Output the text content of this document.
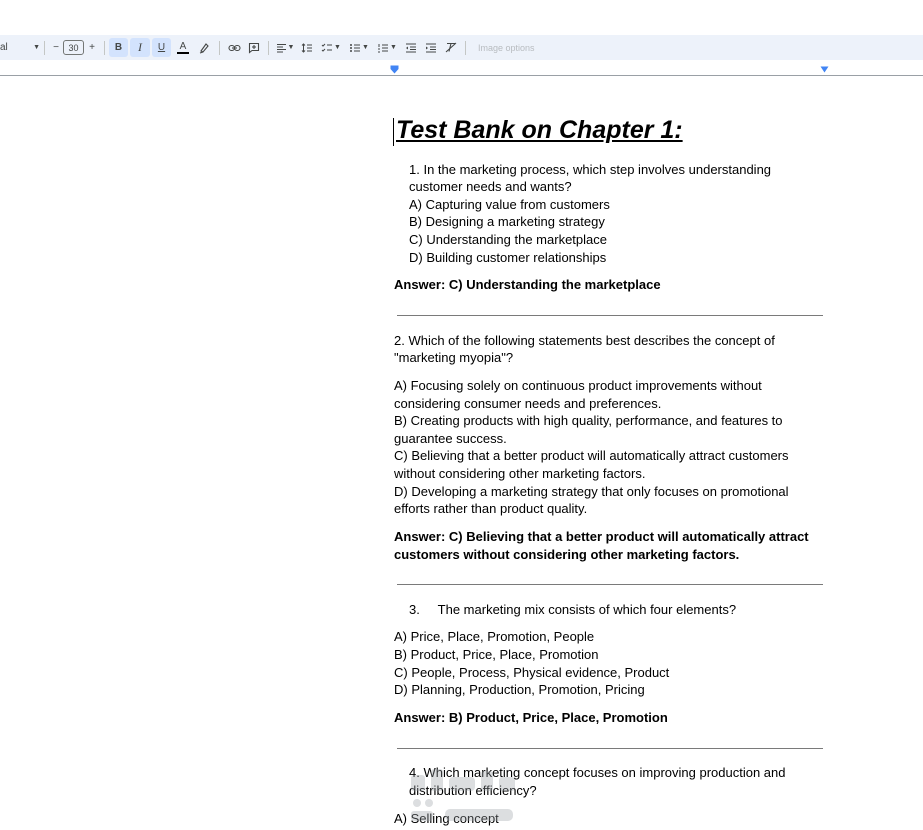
al	▼ −	30	+ B I U A	▼	▼	▼	▼	Image options
Test Bank on Chapter 1:
1. In the marketing process, which step involves understanding
customer needs and wants?
A) Capturing value from customers
B) Designing a marketing strategy
C) Understanding the marketplace
D) Building customer relationships
Answer: C) Understanding the marketplace
2. Which of the following statements best describes the concept of
"marketing myopia"?
A) Focusing solely on continuous product improvements without
considering consumer needs and preferences.
B) Creating products with high quality, performance, and features to
guarantee success.
C) Believing that a better product will automatically attract customers
without considering other marketing factors.
D) Developing a marketing strategy that only focuses on promotional
efforts rather than product quality.
Answer: C) Believing that a better product will automatically attract
customers without considering other marketing factors.
3.     The marketing mix consists of which four elements?
A) Price, Place, Promotion, People
B) Product, Price, Place, Promotion
C) People, Process, Physical evidence, Product
D) Planning, Production, Promotion, Pricing
Answer: B) Product, Price, Place, Promotion
4. Which marketing concept focuses on improving production and
distribution efficiency?
A) Selling concept
